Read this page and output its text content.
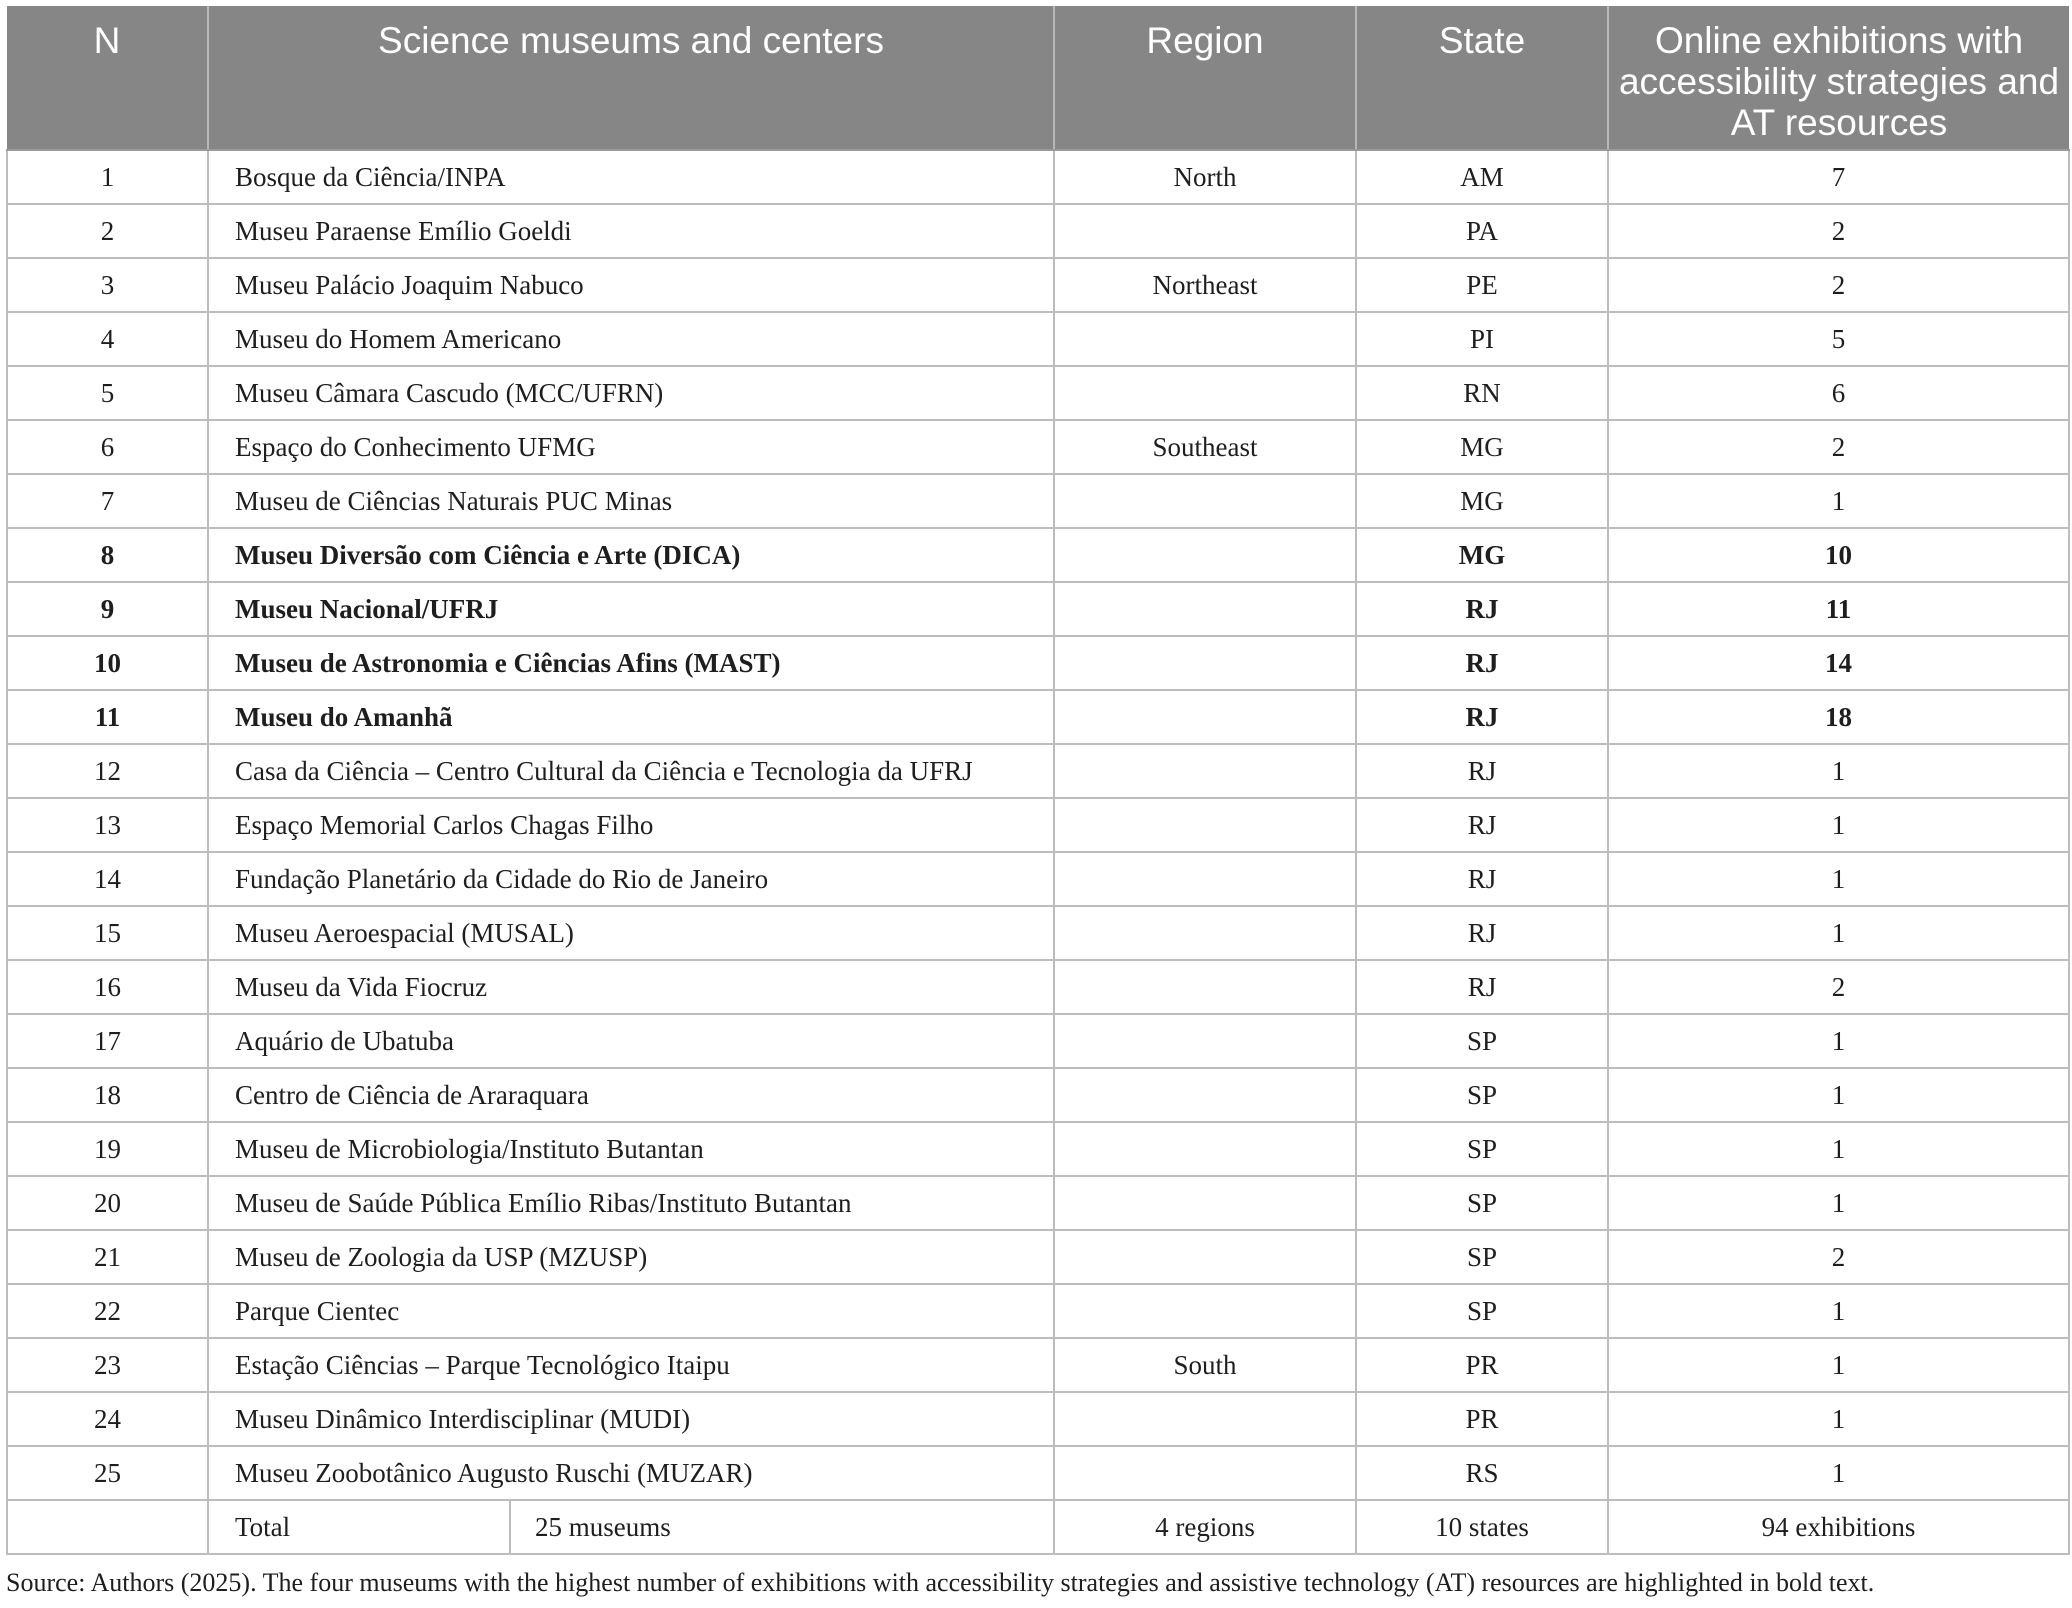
N	Science museums and centers		Region	State	Online exhibitions with accessibility strategies and AT resources
1	Bosque da Ciência/INPA		North	AM	7
2	Museu Paraense Emílio Goeldi			PA	2
3	Museu Palácio Joaquim Nabuco		Northeast	PE	2
4	Museu do Homem Americano			PI	5
5	Museu Câmara Cascudo (MCC/UFRN)			RN	6
6	Espaço do Conhecimento UFMG		Southeast	MG	2
7	Museu de Ciências Naturais PUC Minas			MG	1
8	Museu Diversão com Ciência e Arte (DICA)			MG	10
9	Museu Nacional/UFRJ			RJ	11
10	Museu de Astronomia e Ciências Afins (MAST)			RJ	14
11	Museu do Amanhã			RJ	18
12	Casa da Ciência – Centro Cultural da Ciência e Tecnologia da UFRJ			RJ	1
13	Espaço Memorial Carlos Chagas Filho			RJ	1
14	Fundação Planetário da Cidade do Rio de Janeiro			RJ	1
15	Museu Aeroespacial (MUSAL)			RJ	1
16	Museu da Vida Fiocruz			RJ	2
17	Aquário de Ubatuba			SP	1
18	Centro de Ciência de Araraquara			SP	1
19	Museu de Microbiologia/Instituto Butantan			SP	1
20	Museu de Saúde Pública Emílio Ribas/Instituto Butantan			SP	1
21	Museu de Zoologia da USP (MZUSP)			SP	2
22	Parque Cientec			SP	1
23	Estação Ciências – Parque Tecnológico Itaipu		South	PR	1
24	Museu Dinâmico Interdisciplinar (MUDI)			PR	1
25	Museu Zoobotânico Augusto Ruschi (MUZAR)			RS	1
	Total	25 museums	4 regions	10 states	94 exhibitions
Source: Authors (2025). The four museums with the highest number of exhibitions with accessibility strategies and assistive technology (AT) resources are highlighted in bold text.
